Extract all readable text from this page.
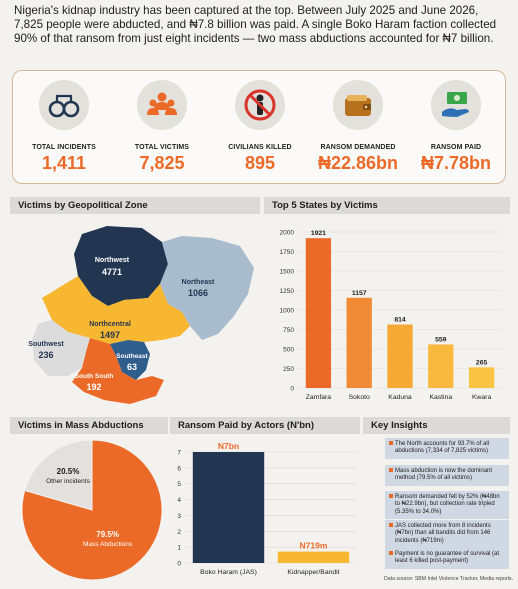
Nigeria's kidnap industry has been captured at the top. Between July 2025 and June 2026, 7,825 people were abducted, and ₦7.8 billion was paid. A single Boko Haram faction collected 90% of that ransom from just eight incidents — two mass abductions accounted for ₦7 billion.

TOTAL INCIDENTS
1,411
TOTAL VICTIMS
7,825
CIVILIANS KILLED
895
RANSOM DEMANDED
₦22.86bn
RANSOM PAID
₦7.78bn
Victims by Geopolitical Zone	Top 5 States by Victims
Northwest
4771
Northeast
1066
Northcentral
1497
Southwest
236
South South
192
Southeast
63
0
250
500
750
1000
1250
1500
1750
2000 1921
Zamfara
1157
Sokoto
814
Kaduna
559
Kastina
265
Kwara
Victims in Mass Abductions	Ransom Paid by Actors (N'bn)	Key Insights
20.5%
Other incidents
79.5%
Mass Abductions
0
1
2
3
4
5
6
7
N7bn
Boko Haram (JAS)
N719m
Kidnapper/Bandit
The North accounts for 93.7% of all abductions (7,334 of 7,825 victims)
Mass abduction is now the dominant method (79.5% of all victims)
Ransom demanded fell by 52% (₦48bn to ₦22.9bn), but collection rate tripled (5.35% to 34.0%)
JAS collected more from 8 incidents (₦7bn) than all bandits did from 146 incidents (₦719m)
Payment is no guarantee of survival (at least 6 killed post-payment)
Data source: SBM Intel Violence Tracker, Media reports.
